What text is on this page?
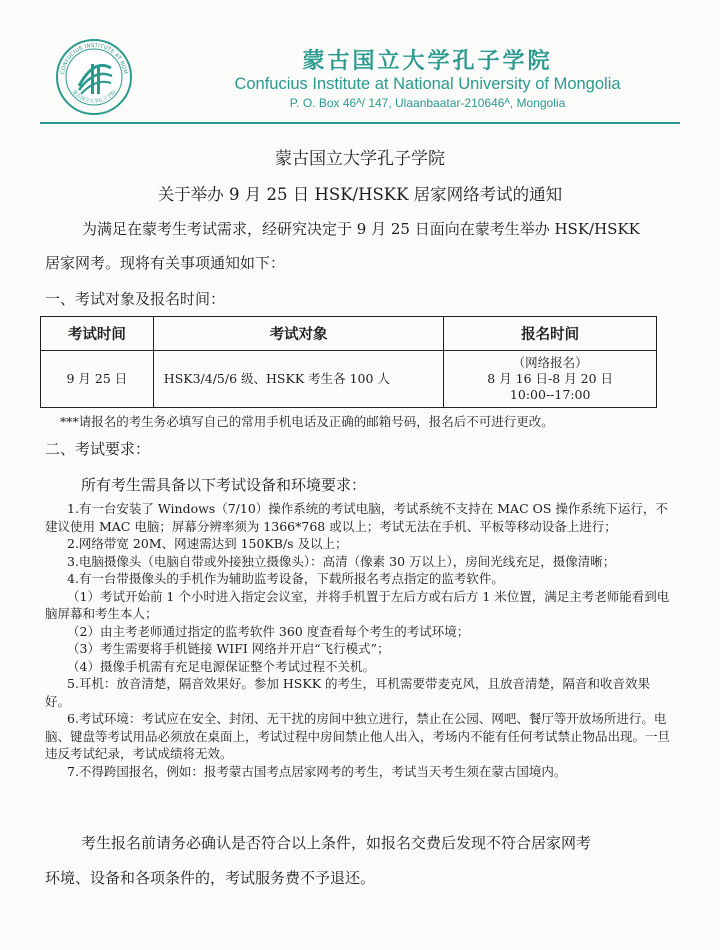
CONFUCIUS INSTITUTE AT NUM
蒙古国立大学孔子学院
蒙古国立大学孔子学院
Confucius Institute at National University of Mongolia
P. O. Box 46ᴬ/ 147, Ulaanbaatar-210646ᴬ, Mongolia
蒙古国立大学孔子学院
关于举办 9 月 25 日 HSK/HSKK 居家网络考试的通知
为满足在蒙考生考试需求，经研究决定于 9 月 25 日面向在蒙考生举办 HSK/HSKK
居家网考。现将有关事项通知如下：
一、考试对象及报名时间：
考试时间	考试对象	报名时间
9 月 25 日	HSK3/4/5/6 级、HSKK 考生各 100 人	（网络报名）
8 月 16 日-8 月 20 日
10:00--17:00
***请报名的考生务必填写自己的常用手机电话及正确的邮箱号码，报名后不可进行更改。
二、考试要求：
所有考生需具备以下考试设备和环境要求：

1.有一台安装了 Windows（7/10）操作系统的考试电脑，考试系统不支持在 MAC OS 操作系统下运行，不建议使用 MAC 电脑；屏幕分辨率须为 1366*768 或以上；考试无法在手机、平板等移动设备上进行；

2.网络带宽 20M、网速需达到 150KB/s 及以上；

3.电脑摄像头（电脑自带或外接独立摄像头）：高清（像素 30 万以上），房间光线充足，摄像清晰；

4.有一台带摄像头的手机作为辅助监考设备，下载所报名考点指定的监考软件。

（1）考试开始前 1 个小时进入指定会议室，并将手机置于左后方或右后方 1 米位置，满足主考老师能看到电脑屏幕和考生本人；

（2）由主考老师通过指定的监考软件 360 度查看每个考生的考试环境；

（3）考生需要将手机链接 WIFI 网络并开启“飞行模式”；

（4）摄像手机需有充足电源保证整个考试过程不关机。

5.耳机：放音清楚，隔音效果好。参加 HSKK 的考生，耳机需要带麦克风，且放音清楚，隔音和收音效果好。

6.考试环境：考试应在安全、封闭、无干扰的房间中独立进行，禁止在公园、网吧、餐厅等开放场所进行。电脑、键盘等考试用品必须放在桌面上，考试过程中房间禁止他人出入，考场内不能有任何考试禁止物品出现。一旦违反考试纪录，考试成绩将无效。

7.不得跨国报名，例如：报考蒙古国考点居家网考的考生，考试当天考生须在蒙古国境内。

考生报名前请务必确认是否符合以上条件，如报名交费后发现不符合居家网考

环境、设备和各项条件的，考试服务费不予退还。
